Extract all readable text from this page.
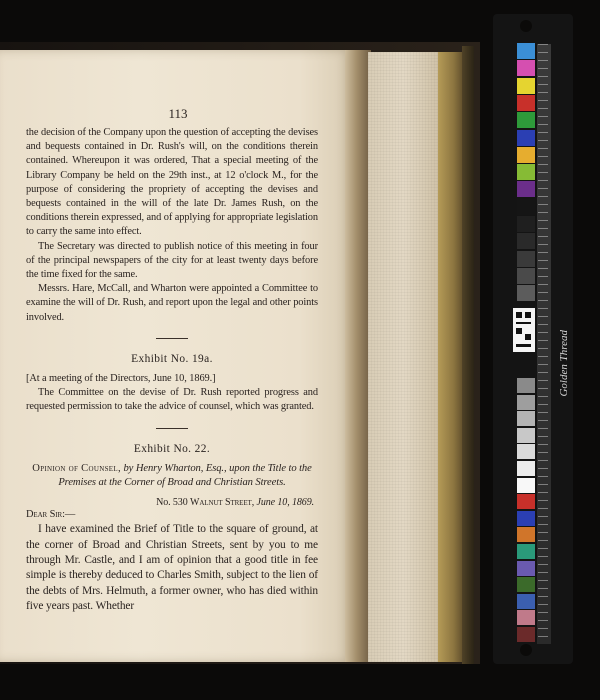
113

the decision of the Company upon the question of accepting the devises and bequests contained in Dr. Rush's will, on the conditions therein contained. Whereupon it was ordered, That a special meeting of the Library Company be held on the 29th inst., at 12 o'clock M., for the purpose of considering the propriety of accepting the devises and bequests contained in the will of the late Dr. James Rush, on the conditions therein expressed, and of applying for appropriate legislation to carry the same into effect.

The Secretary was directed to publish notice of this meeting in four of the principal newspapers of the city for at least twenty days before the time fixed for the same.

Messrs. Hare, McCall, and Wharton were appointed a Committee to examine the will of Dr. Rush, and report upon the legal and other points involved.

Exhibit No. 19a.

[At a meeting of the Directors, June 10, 1869.]

The Committee on the devise of Dr. Rush reported progress and requested permission to take the advice of counsel, which was granted.

Exhibit No. 22.
Opinion of Counsel, by Henry Wharton, Esq., upon the Title to the Premises at the Corner of Broad and Christian Streets.
No. 530 Walnut Street, June 10, 1869.
Dear Sir:—

I have examined the Brief of Title to the square of ground, at the corner of Broad and Christian Streets, sent by you to me through Mr. Castle, and I am of opinion that a good title in fee simple is thereby deduced to Charles Smith, subject to the lien of the debts of Mrs. Helmuth, a former owner, who has died within five years past. Whether

Golden Thread
